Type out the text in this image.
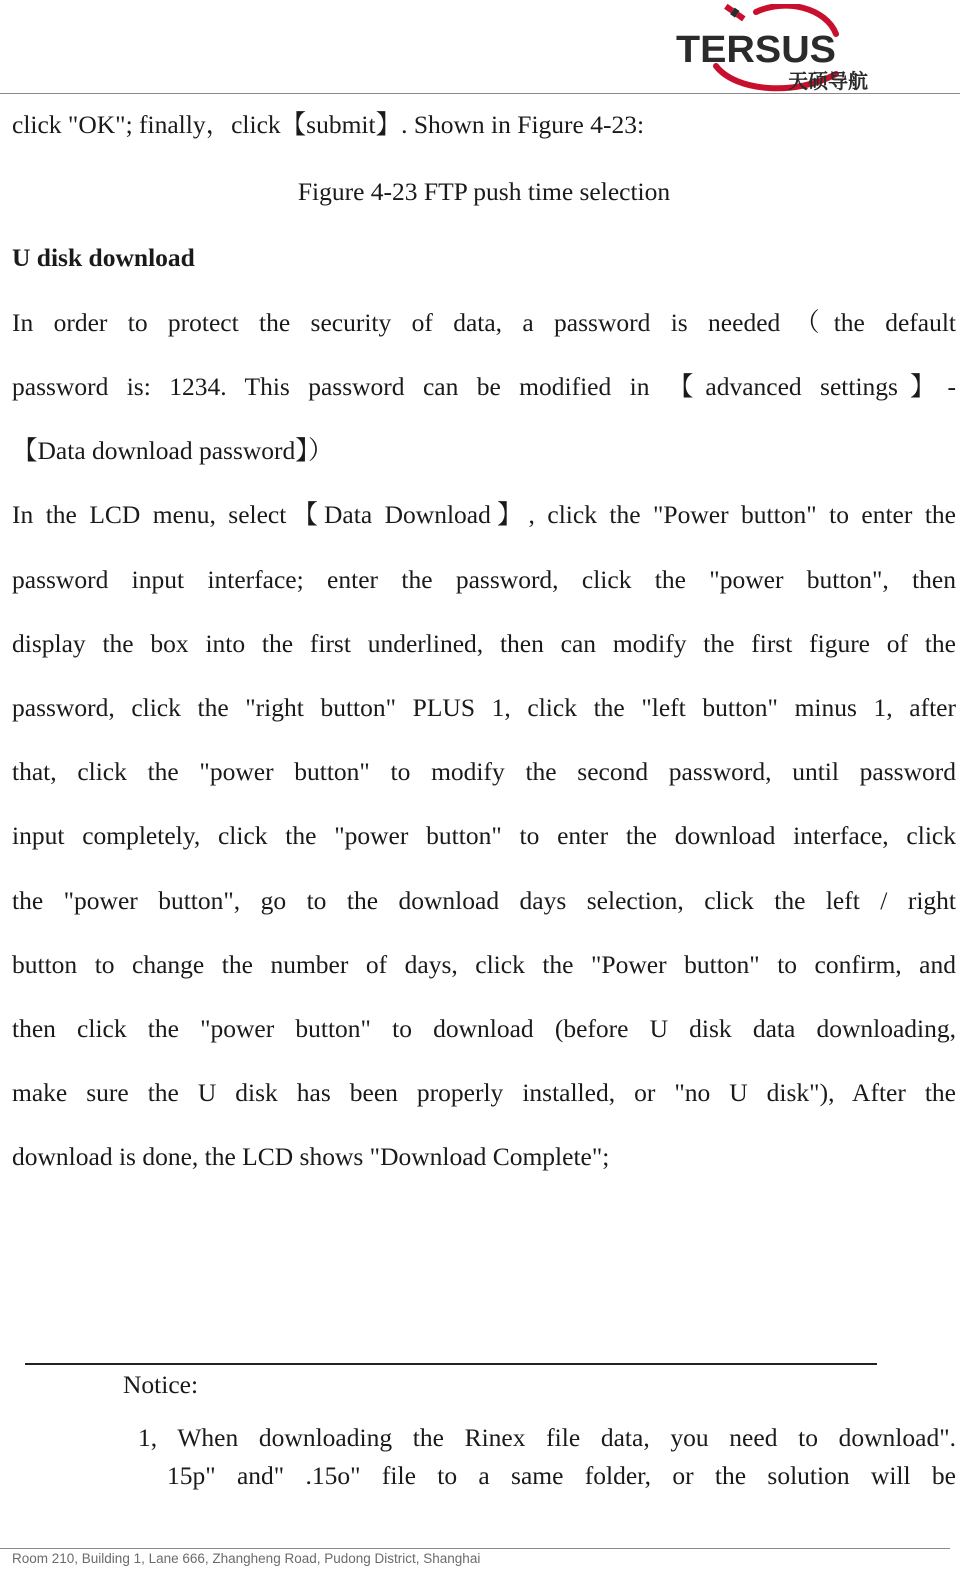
TERSUS
天硕导航
click "OK"; finally，click【submit】. Shown in Figure 4-23:
Figure 4-23 FTP push time selection
U disk download
In order to protect the security of data, a password is needed（the default
password is: 1234. This password can be modified in 【advanced settings】-
【Data download password】）
In the LCD menu, select【Data Download】, click the "Power button" to enter the
password input interface; enter the password, click the "power button", then
display the box into the first underlined, then can modify the first figure of the
password, click the "right button" PLUS 1, click the "left button" minus 1, after
that, click the "power button" to modify the second password, until password
input completely, click the "power button" to enter the download interface, click
the "power button", go to the download days selection, click the left / right
button to change the number of days, click the "Power button" to confirm, and
then click the "power button" to download (before U disk data downloading,
make sure the U disk has been properly installed, or "no U disk"), After the
download is done, the LCD shows "Download Complete";
Notice:
1, When downloading the Rinex file data, you need to download".
15p" and" .15o" file to a same folder, or the solution will be
Room 210, Building 1, Lane 666, Zhangheng Road, Pudong District, Shanghai
